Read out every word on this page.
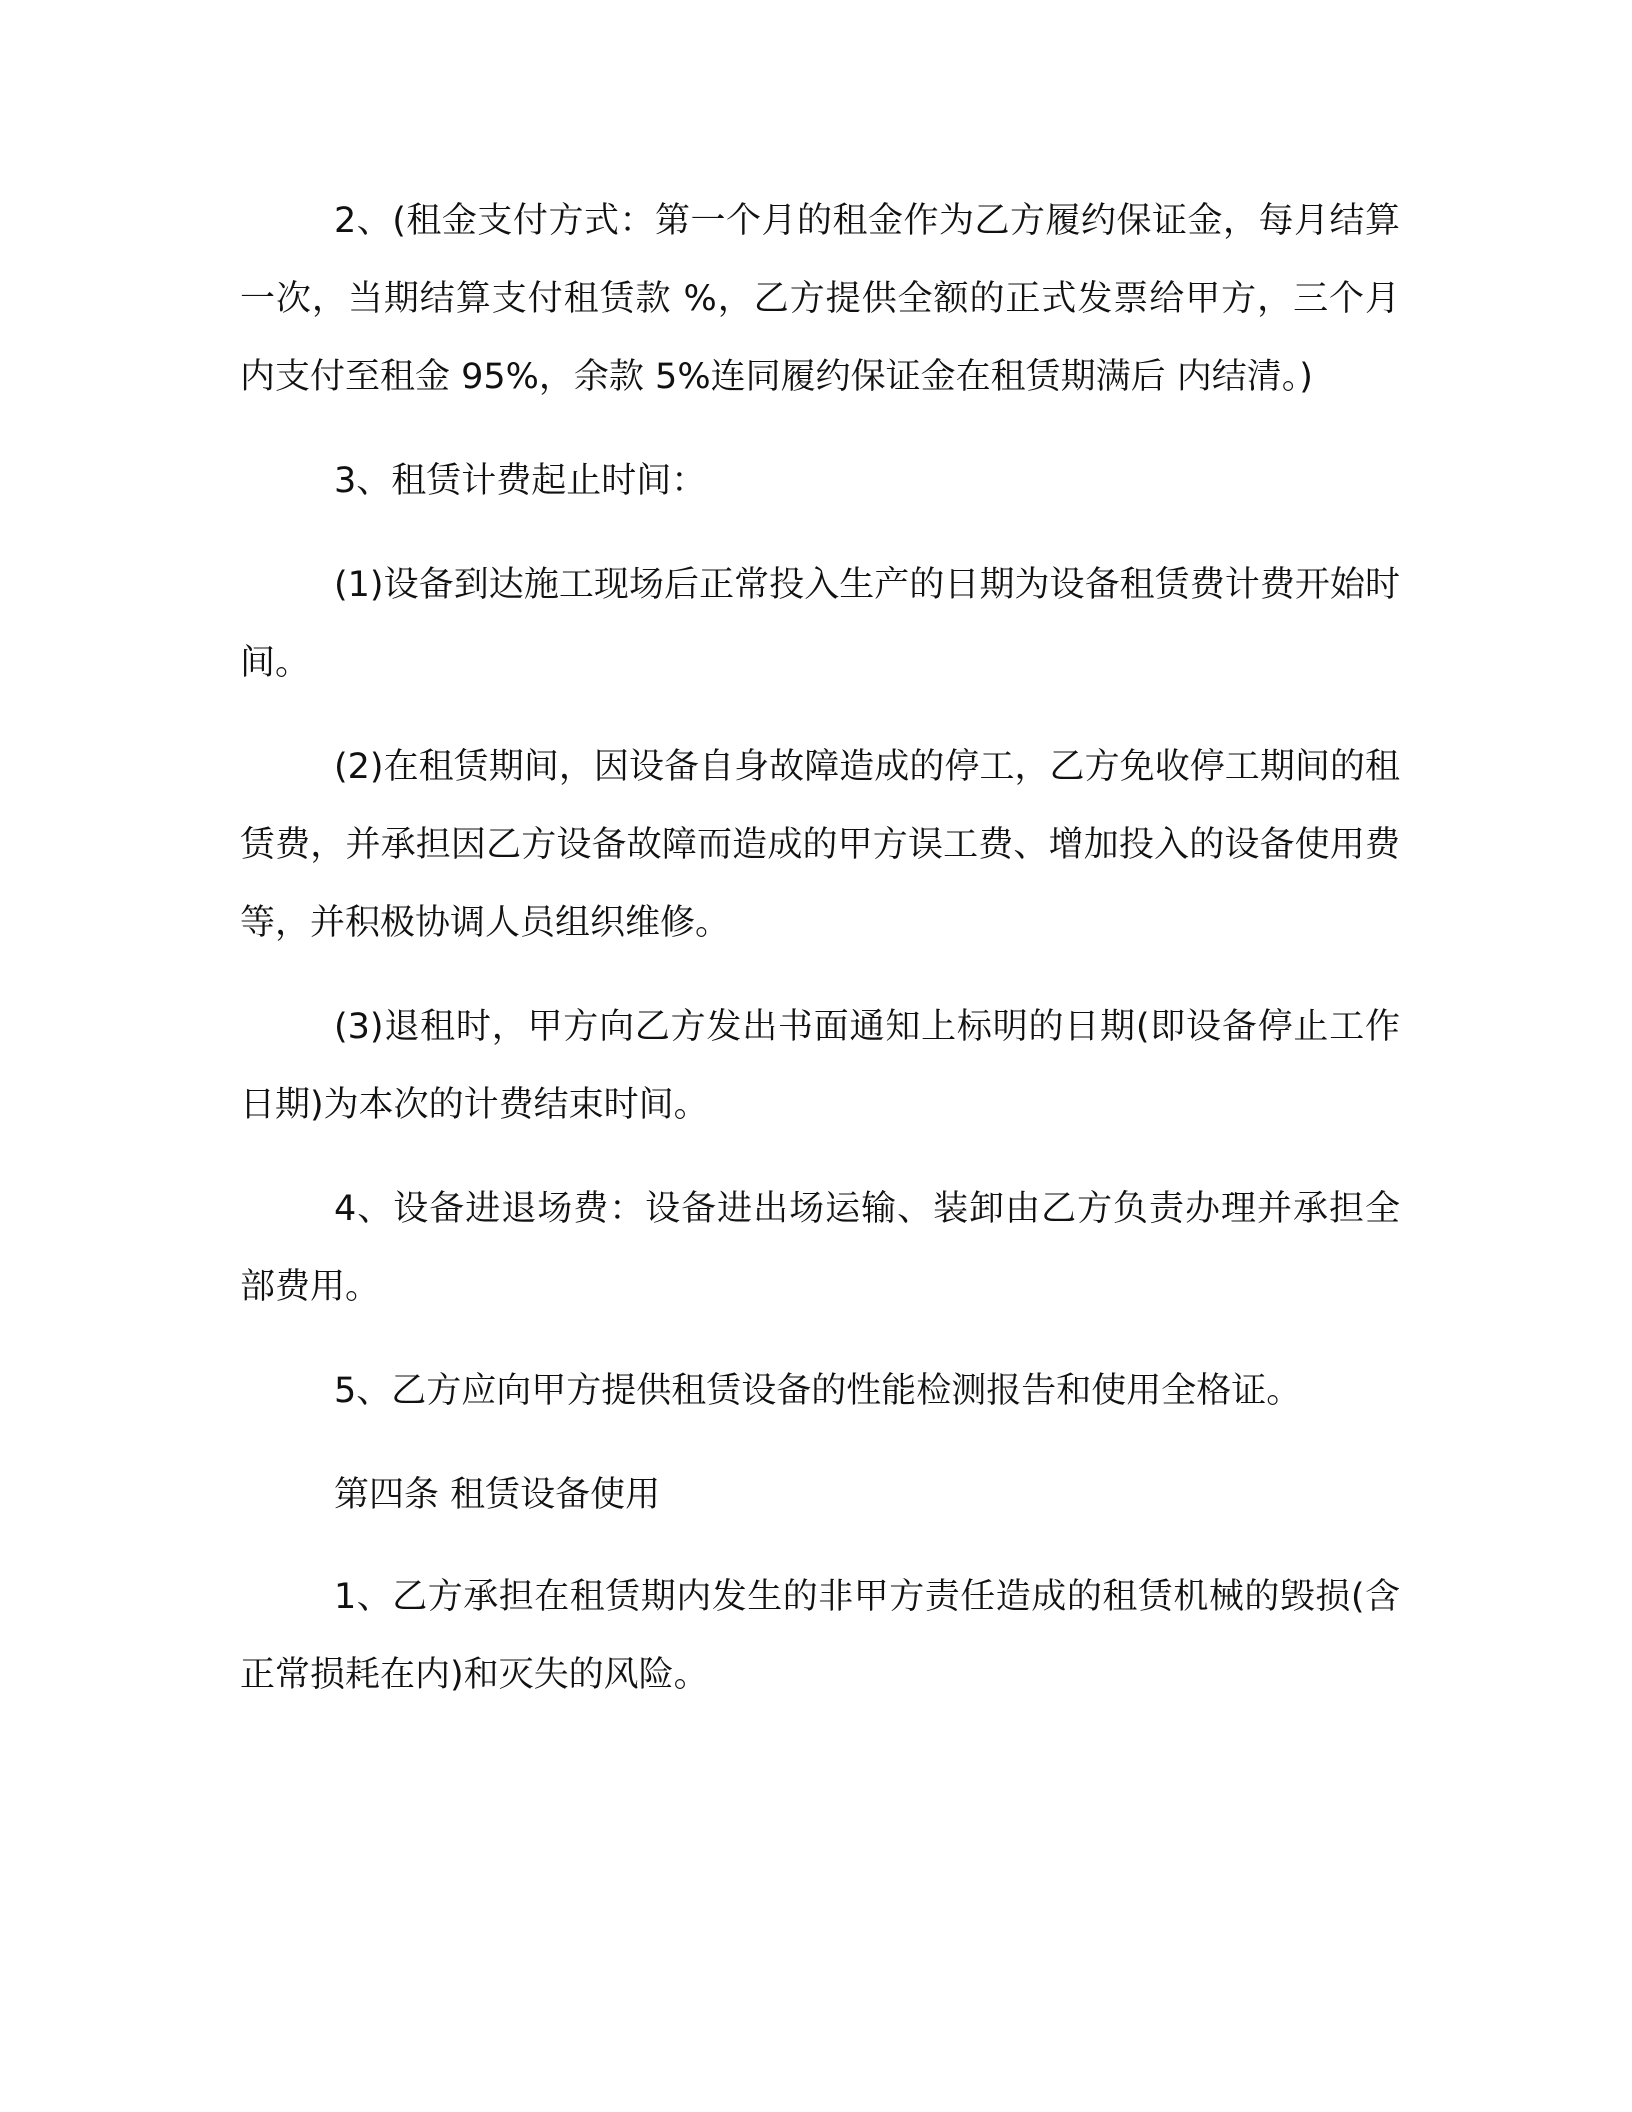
2、(租金支付方式：第一个月的租金作为乙方履约保证金，每月结算一次，当期结算支付租赁款 %，乙方提供全额的正式发票给甲方，三个月内支付至租金 95%，余款 5%连同履约保证金在租赁期满后 内结清。)

3、租赁计费起止时间：

(1)设备到达施工现场后正常投入生产的日期为设备租赁费计费开始时间。

(2)在租赁期间，因设备自身故障造成的停工，乙方免收停工期间的租赁费，并承担因乙方设备故障而造成的甲方误工费、增加投入的设备使用费等，并积极协调人员组织维修。

(3)退租时，甲方向乙方发出书面通知上标明的日期(即设备停止工作日期)为本次的计费结束时间。

4、设备进退场费：设备进出场运输、装卸由乙方负责办理并承担全部费用。

5、乙方应向甲方提供租赁设备的性能检测报告和使用全格证。

第四条 租赁设备使用

1、乙方承担在租赁期内发生的非甲方责任造成的租赁机械的毁损(含正常损耗在内)和灭失的风险。
